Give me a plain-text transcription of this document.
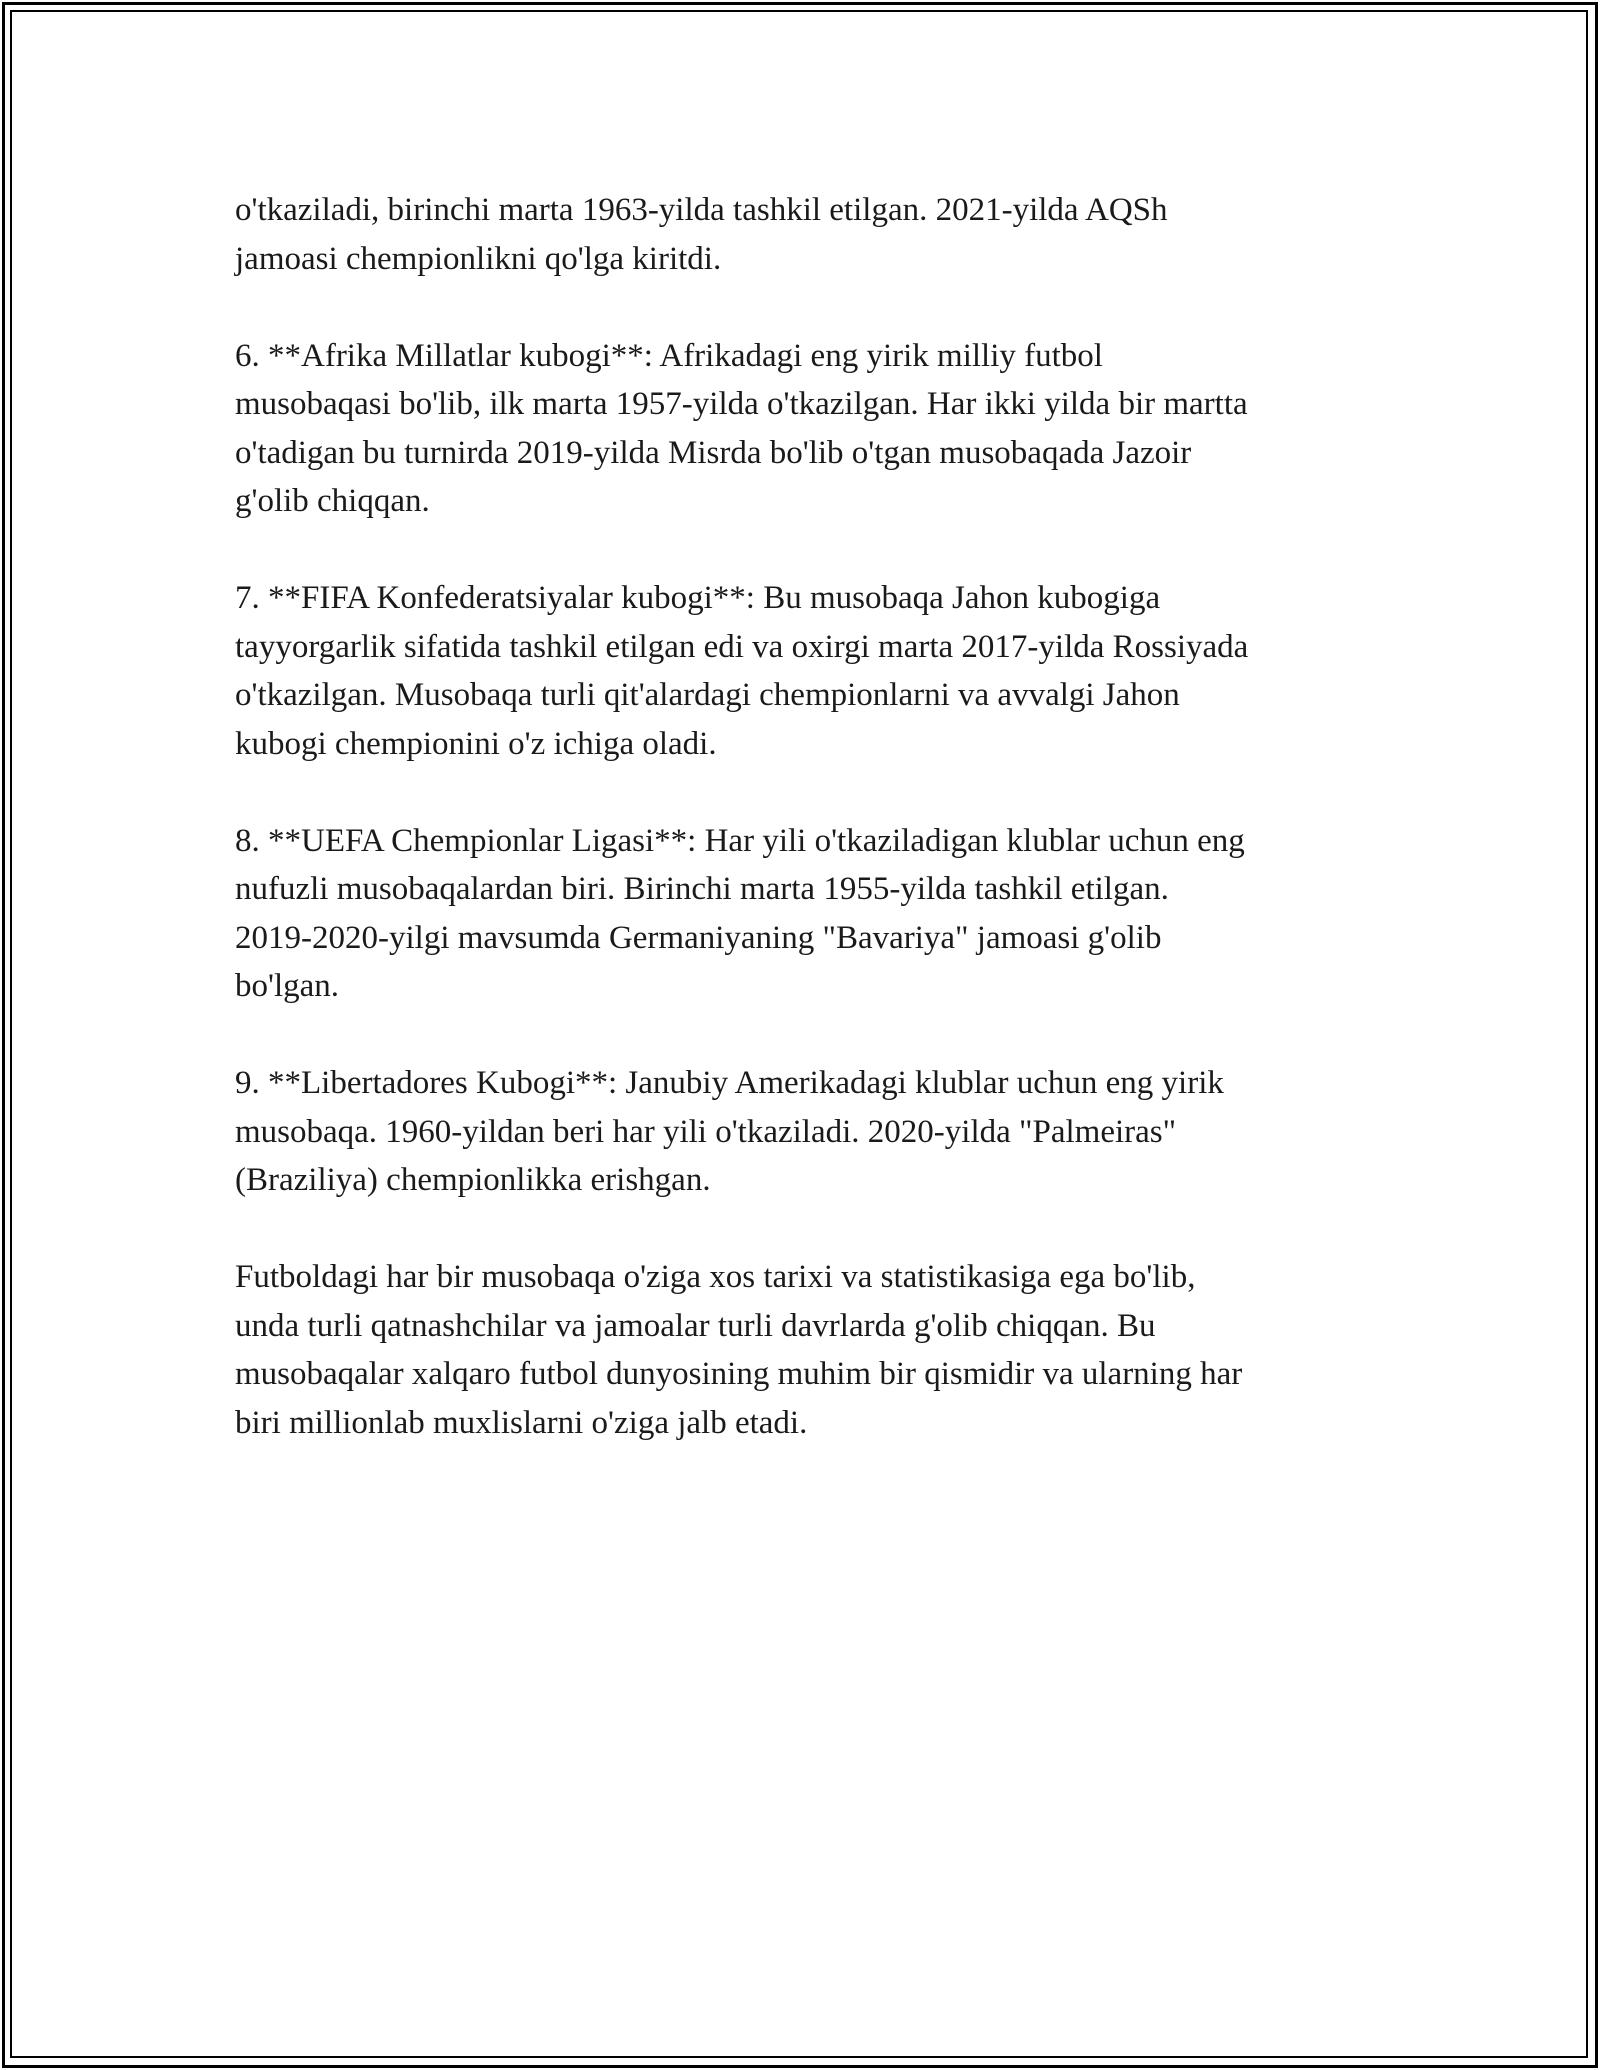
o'tkaziladi, birinchi marta 1963-yilda tashkil etilgan. 2021-yilda AQSh
jamoasi chempionlikni qo'lga kiritdi.

6. **Afrika Millatlar kubogi**: Afrikadagi eng yirik milliy futbol
musobaqasi bo'lib, ilk marta 1957-yilda o'tkazilgan. Har ikki yilda bir martta
o'tadigan bu turnirda 2019-yilda Misrda bo'lib o'tgan musobaqada Jazoir
g'olib chiqqan.

7. **FIFA Konfederatsiyalar kubogi**: Bu musobaqa Jahon kubogiga
tayyorgarlik sifatida tashkil etilgan edi va oxirgi marta 2017-yilda Rossiyada
o'tkazilgan. Musobaqa turli qit'alardagi chempionlarni va avvalgi Jahon
kubogi chempionini o'z ichiga oladi.

8. **UEFA Chempionlar Ligasi**: Har yili o'tkaziladigan klublar uchun eng
nufuzli musobaqalardan biri. Birinchi marta 1955-yilda tashkil etilgan.
2019-2020-yilgi mavsumda Germaniyaning "Bavariya" jamoasi g'olib
bo'lgan.

9. **Libertadores Kubogi**: Janubiy Amerikadagi klublar uchun eng yirik
musobaqa. 1960-yildan beri har yili o'tkaziladi. 2020-yilda "Palmeiras"
(Braziliya) chempionlikka erishgan.

Futboldagi har bir musobaqa o'ziga xos tarixi va statistikasiga ega bo'lib,
unda turli qatnashchilar va jamoalar turli davrlarda g'olib chiqqan. Bu
musobaqalar xalqaro futbol dunyosining muhim bir qismidir va ularning har
biri millionlab muxlislarni o'ziga jalb etadi.
